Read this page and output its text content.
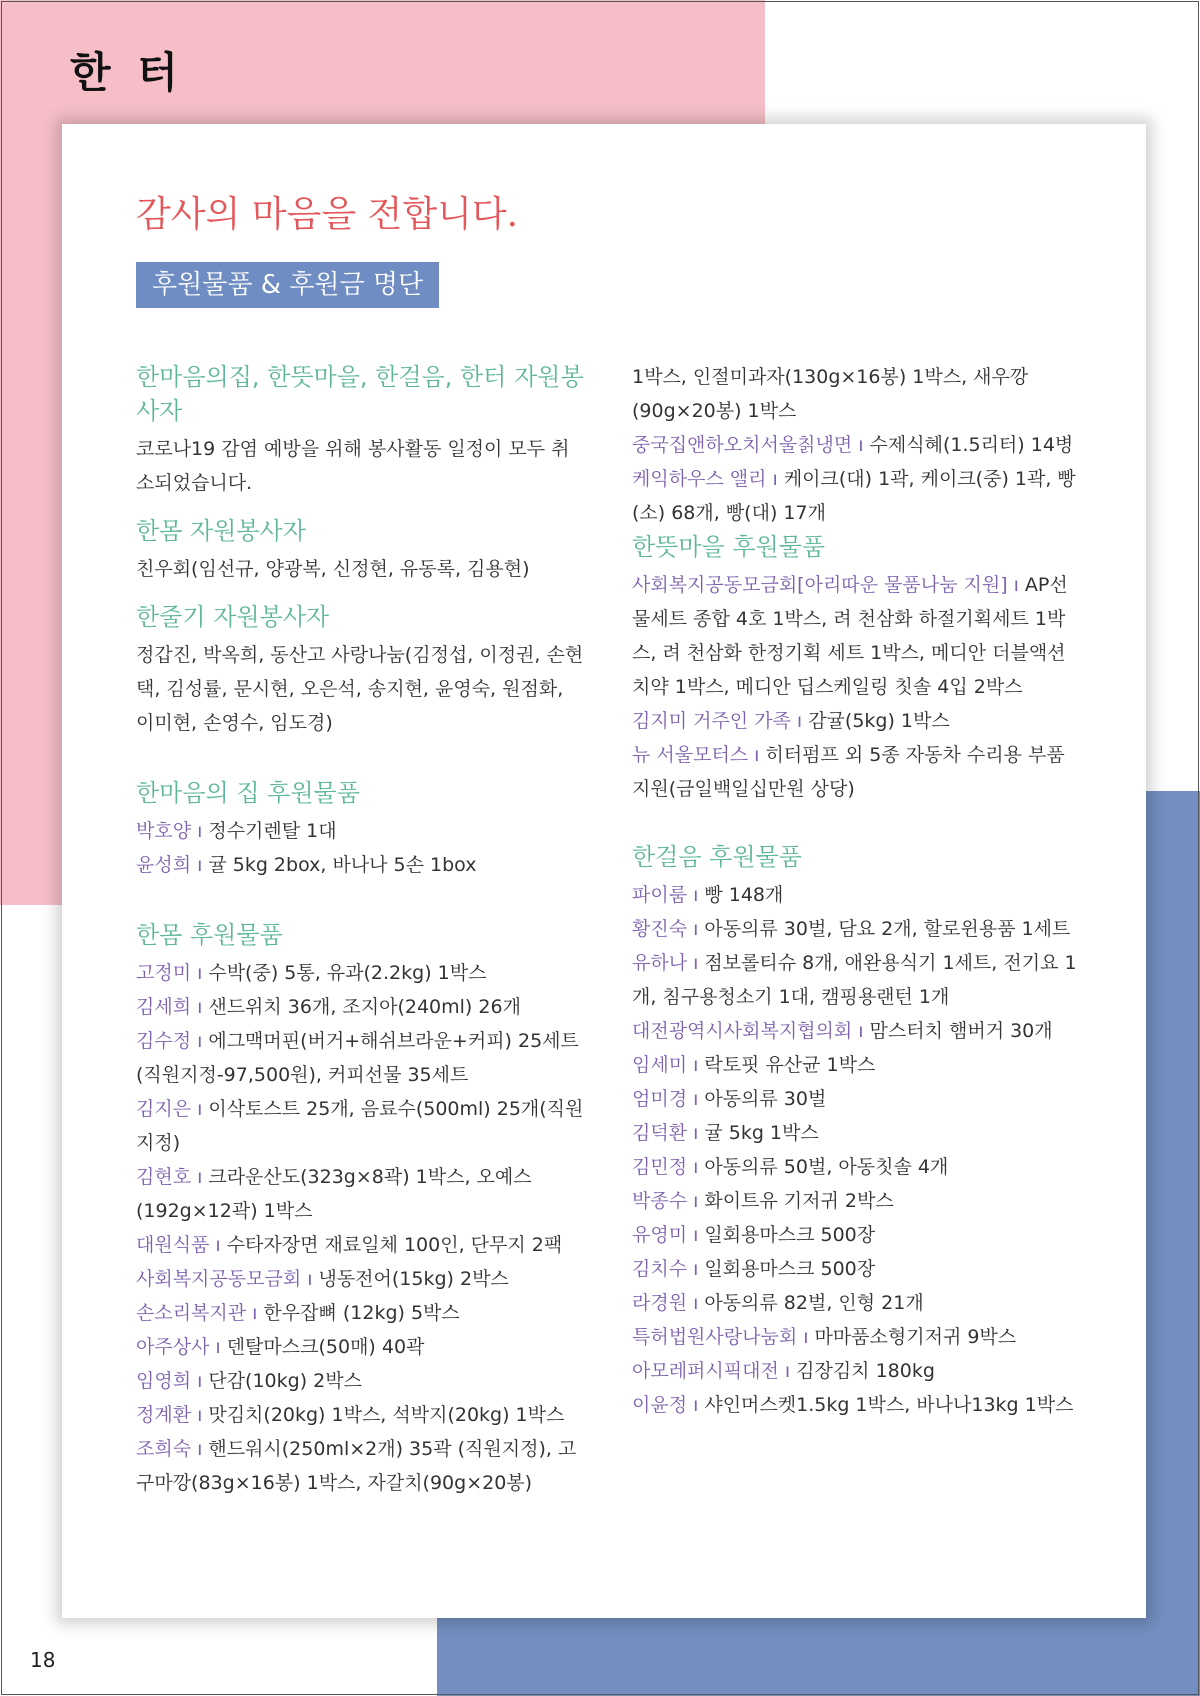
한 터
감사의 마음을 전합니다.
후원물품 & 후원금 명단

한마음의집, 한뜻마을, 한걸음, 한터 자원봉사자

코로나19 감염 예방을 위해 봉사활동 일정이 모두 취소되었습니다.

한몸 자원봉사자

친우회(임선규, 양광복, 신정현, 유동록, 김용현)

한줄기 자원봉사자

정갑진, 박옥희, 동산고 사랑나눔(김정섭, 이정권, 손현택, 김성률, 문시현, 오은석, 송지현, 윤영숙, 원점화, 이미현, 손영수, 임도경)

한마음의 집 후원물품

박호양 ı 정수기렌탈 1대

윤성희 ı 귤 5kg 2box, 바나나 5손 1box

한몸 후원물품

고정미 ı 수박(중) 5통, 유과(2.2kg) 1박스

김세희 ı 샌드위치 36개, 조지아(240ml) 26개

김수정 ı 에그맥머핀(버거+해쉬브라운+커피) 25세트(직원지정-97,500원), 커피선물 35세트

김지은 ı 이삭토스트 25개, 음료수(500ml) 25개(직원지정)

김현호 ı 크라운산도(323g×8곽) 1박스, 오예스(192g×12곽) 1박스

대원식품 ı 수타자장면 재료일체 100인, 단무지 2팩

사회복지공동모금회 ı 냉동전어(15kg) 2박스

손소리복지관 ı 한우잡뼈 (12kg) 5박스

아주상사 ı 덴탈마스크(50매) 40곽

임영희 ı 단감(10kg) 2박스

정계환 ı 맛김치(20kg) 1박스, 석박지(20kg) 1박스

조희숙 ı 핸드워시(250ml×2개) 35곽 (직원지정), 고구마깡(83g×16봉) 1박스, 자갈치(90g×20봉)

1박스, 인절미과자(130g×16봉) 1박스, 새우깡(90g×20봉) 1박스

중국집앤하오치서울칡냉면 ı 수제식혜(1.5리터) 14병

케익하우스 앨리 ı 케이크(대) 1곽, 케이크(중) 1곽, 빵(소) 68개, 빵(대) 17개

한뜻마을 후원물품

사회복지공동모금회[아리따운 물품나눔 지원] ı AP선물세트 종합 4호 1박스, 려 천삼화 하절기획세트 1박스, 려 천삼화 한정기획 세트 1박스, 메디안 더블액션치약 1박스, 메디안 딥스케일링 칫솔 4입 2박스

김지미 거주인 가족 ı 감귤(5kg) 1박스

뉴 서울모터스 ı 히터펌프 외 5종 자동차 수리용 부품지원(금일백일십만원 상당)

한걸음 후원물품

파이룸 ı 빵 148개

황진숙 ı 아동의류 30벌, 담요 2개, 할로윈용품 1세트

유하나 ı 점보롤티슈 8개, 애완용식기 1세트, 전기요 1개, 침구용청소기 1대, 캠핑용랜턴 1개

대전광역시사회복지협의회 ı 맘스터치 햄버거 30개

임세미 ı 락토핏 유산균 1박스

엄미경 ı 아동의류 30벌

김덕환 ı 귤 5kg 1박스

김민정 ı 아동의류 50벌, 아동칫솔 4개

박종수 ı 화이트유 기저귀 2박스

유영미 ı 일회용마스크 500장

김치수 ı 일회용마스크 500장

라경원 ı 아동의류 82벌, 인형 21개

특허법원사랑나눔회 ı 마마품소형기저귀 9박스

아모레퍼시픽대전 ı 김장김치 180kg

이윤정 ı 샤인머스켓1.5kg 1박스, 바나나13kg 1박스

18
